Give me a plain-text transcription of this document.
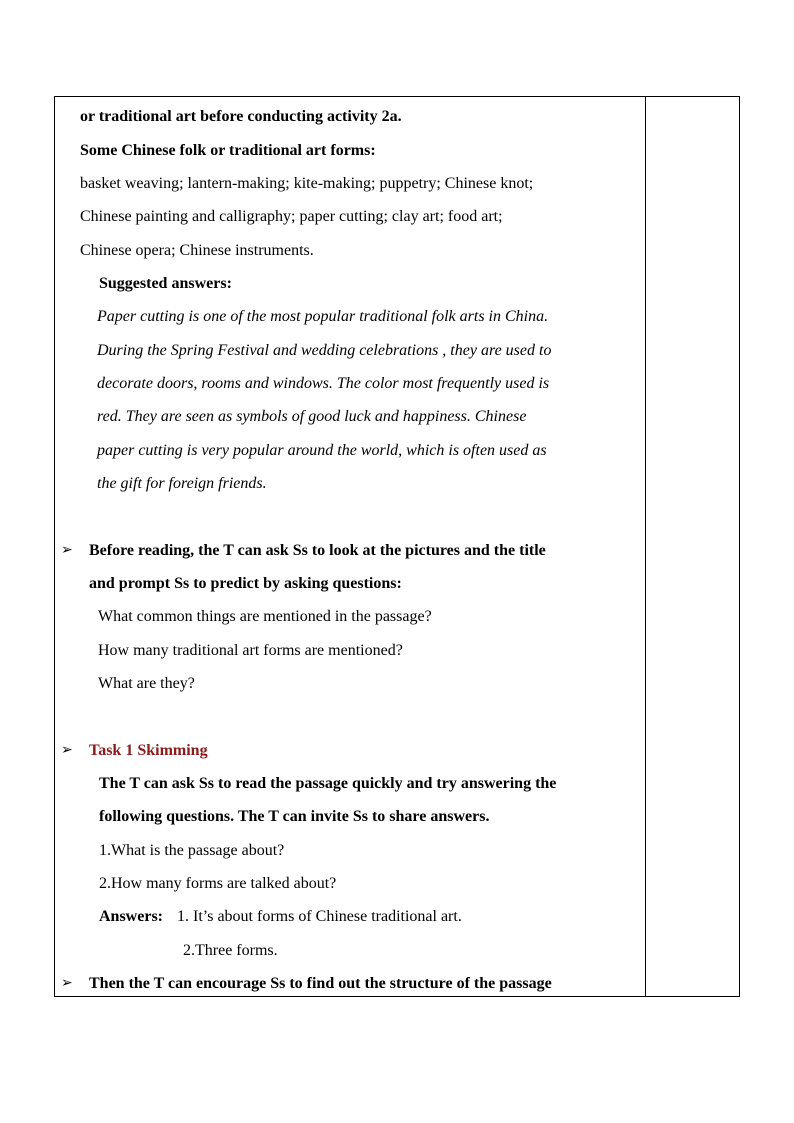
or traditional art before conducting activity 2a.
Some Chinese folk or traditional art forms:
basket weaving; lantern-making; kite-making; puppetry; Chinese knot;
Chinese painting and calligraphy; paper cutting; clay art; food art;
Chinese opera; Chinese instruments.
Suggested answers:
Paper cutting is one of the most popular traditional folk arts in China.
During the Spring Festival and wedding celebrations , they are used to
decorate doors, rooms and windows. The color most frequently used is
red. They are seen as symbols of good luck and happiness. Chinese
paper cutting is very popular around the world, which is often used as
the gift for foreign friends.
➢ Before reading, the T can ask Ss to look at the pictures and the title
and prompt Ss to predict by asking questions:
What common things are mentioned in the passage?
How many traditional art forms are mentioned?
What are they?
➢ Task 1 Skimming
The T can ask Ss to read the passage quickly and try answering the
following questions. The T can invite Ss to share answers.
1.What is the passage about?
2.How many forms are talked about?
Answers: 1. It’s about forms of Chinese traditional art.
2.Three forms.
➢ Then the T can encourage Ss to find out the structure of the passage
